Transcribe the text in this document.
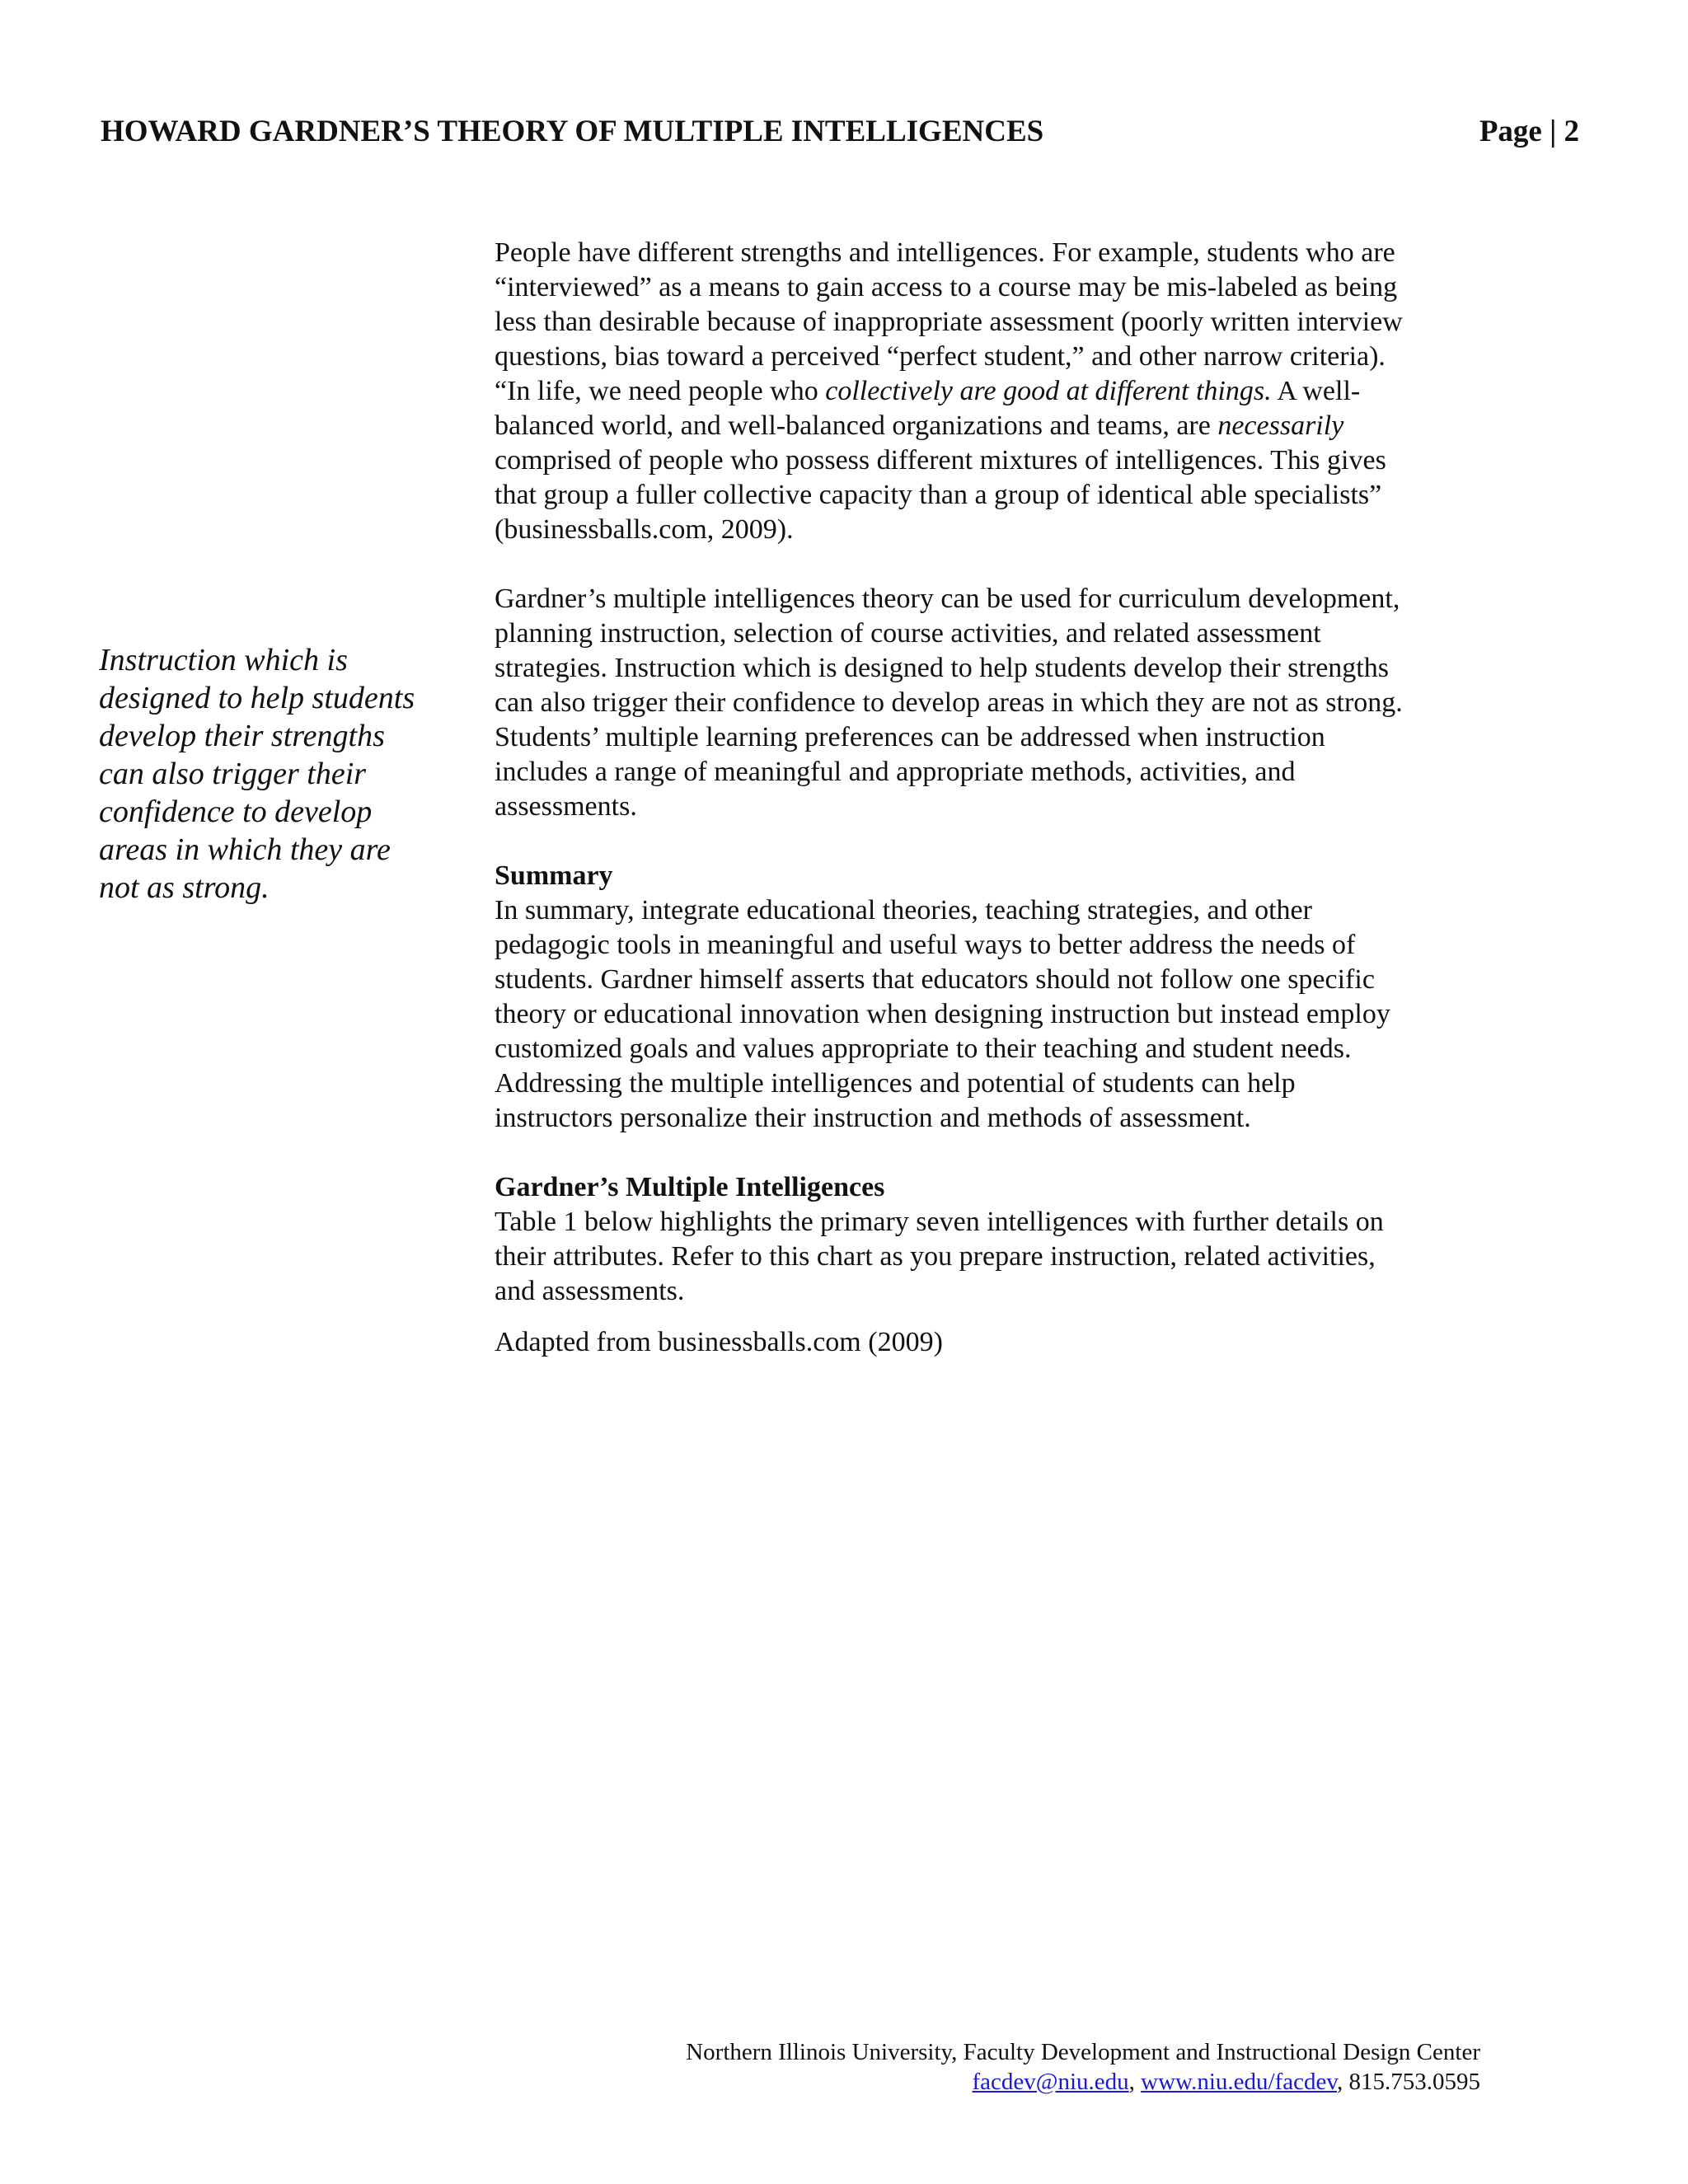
HOWARD GARDNER’S THEORY OF MULTIPLE INTELLIGENCES	Page | 2
Instruction which is
designed to help students
develop their strengths
can also trigger their
confidence to develop
areas in which they are
not as strong.

People have different strengths and intelligences. For example, students who are
“interviewed” as a means to gain access to a course may be mis-labeled as being
less than desirable because of inappropriate assessment (poorly written interview
questions, bias toward a perceived “perfect student,” and other narrow criteria).
“In life, we need people who collectively are good at different things. A well-
balanced world, and well-balanced organizations and teams, are necessarily
comprised of people who possess different mixtures of intelligences. This gives
that group a fuller collective capacity than a group of identical able specialists”
(businessballs.com, 2009).

Gardner’s multiple intelligences theory can be used for curriculum development,
planning instruction, selection of course activities, and related assessment
strategies. Instruction which is designed to help students develop their strengths
can also trigger their confidence to develop areas in which they are not as strong.
Students’ multiple learning preferences can be addressed when instruction
includes a range of meaningful and appropriate methods, activities, and
assessments.

Summary
In summary, integrate educational theories, teaching strategies, and other
pedagogic tools in meaningful and useful ways to better address the needs of
students. Gardner himself asserts that educators should not follow one specific
theory or educational innovation when designing instruction but instead employ
customized goals and values appropriate to their teaching and student needs.
Addressing the multiple intelligences and potential of students can help
instructors personalize their instruction and methods of assessment.

Gardner’s Multiple Intelligences
Table 1 below highlights the primary seven intelligences with further details on
their attributes. Refer to this chart as you prepare instruction, related activities,
and assessments.

Adapted from businessballs.com (2009)

Northern Illinois University, Faculty Development and Instructional Design Center
facdev@niu.edu, www.niu.edu/facdev, 815.753.0595
